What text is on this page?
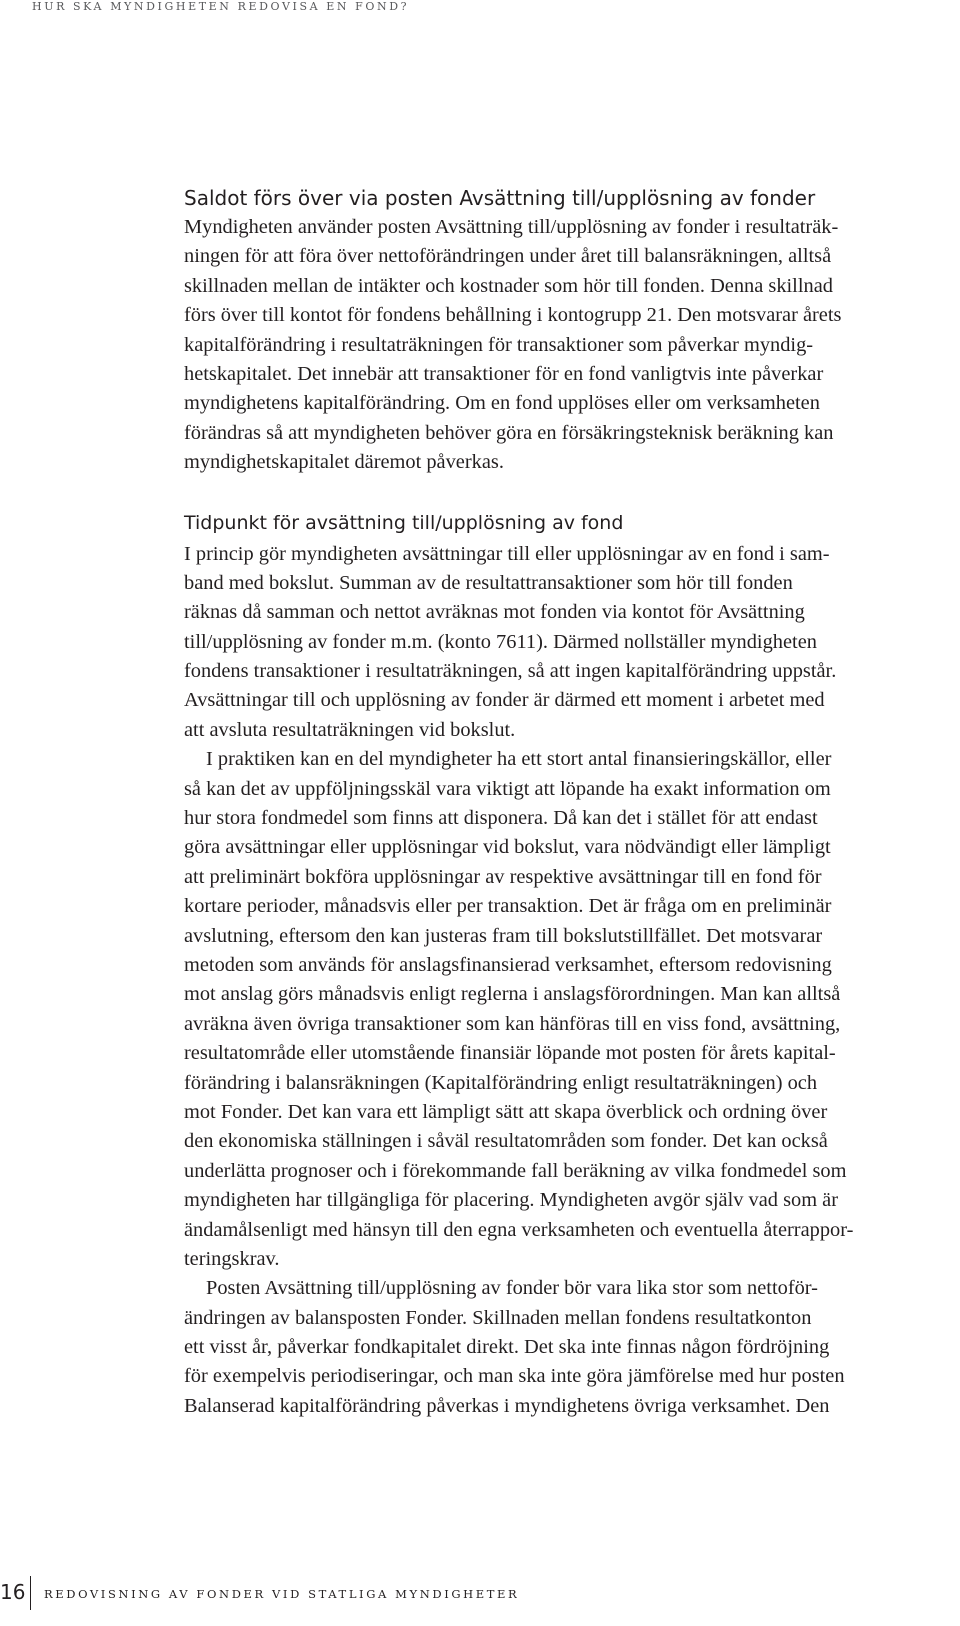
HUR SKA MYNDIGHETEN REDOVISA EN FOND?
Saldot förs över via posten Avsättning till/upplösning av fonder
Myndigheten använder posten Avsättning till/upplösning av fonder i resultaträk-
ningen för att föra över nettoförändringen under året till balansräkningen, alltså
skillnaden mellan de intäkter och kostnader som hör till fonden. Denna skillnad
förs över till kontot för fondens behållning i kontogrupp 21. Den motsvarar årets
kapitalförändring i resultaträkningen för transaktioner som påverkar myndig-
hetskapitalet. Det innebär att transaktioner för en fond vanligtvis inte påverkar
myndighetens kapitalförändring. Om en fond upplöses eller om verksamheten
förändras så att myndigheten behöver göra en försäkringsteknisk beräkning kan
myndighetskapitalet däremot påverkas.
Tidpunkt för avsättning till/upplösning av fond
I princip gör myndigheten avsättningar till eller upplösningar av en fond i sam-
band med bokslut. Summan av de resultattransaktioner som hör till fonden
räknas då samman och nettot avräknas mot fonden via kontot för Avsättning
till/upplösning av fonder m.m. (konto 7611). Därmed nollställer myndigheten
fondens transaktioner i resultaträkningen, så att ingen kapitalförändring uppstår.
Avsättningar till och upplösning av fonder är därmed ett moment i arbetet med
att avsluta resultaträkningen vid bokslut.
I praktiken kan en del myndigheter ha ett stort antal finansieringskällor, eller
så kan det av uppföljningsskäl vara viktigt att löpande ha exakt information om
hur stora fondmedel som finns att disponera. Då kan det i stället för att endast
göra avsättningar eller upplösningar vid bokslut, vara nödvändigt eller lämpligt
att preliminärt bokföra upplösningar av respektive avsättningar till en fond för
kortare perioder, månadsvis eller per transaktion. Det är fråga om en preliminär
avslutning, eftersom den kan justeras fram till bokslutstillfället. Det motsvarar
metoden som används för anslagsfinansierad verksamhet, eftersom redovisning
mot anslag görs månadsvis enligt reglerna i anslagsförordningen. Man kan alltså
avräkna även övriga transaktioner som kan hänföras till en viss fond, avsättning,
resultatområde eller utomstående finansiär löpande mot posten för årets kapital-
förändring i balansräkningen (Kapitalförändring enligt resultaträkningen) och
mot Fonder. Det kan vara ett lämpligt sätt att skapa överblick och ordning över
den ekonomiska ställningen i såväl resultatområden som fonder. Det kan också
underlätta prognoser och i förekommande fall beräkning av vilka fondmedel som
myndigheten har tillgängliga för placering. Myndigheten avgör själv vad som är
ändamålsenligt med hänsyn till den egna verksamheten och eventuella återrappor-
teringskrav.
Posten Avsättning till/upplösning av fonder bör vara lika stor som nettoför-
ändringen av balansposten Fonder. Skillnaden mellan fondens resultatkonton
ett visst år, påverkar fondkapitalet direkt. Det ska inte finnas någon fördröjning
för exempelvis periodiseringar, och man ska inte göra jämförelse med hur posten
Balanserad kapitalförändring påverkas i myndighetens övriga verksamhet. Den
16 REDOVISNING AV FONDER VID STATLIGA MYNDIGHETER
